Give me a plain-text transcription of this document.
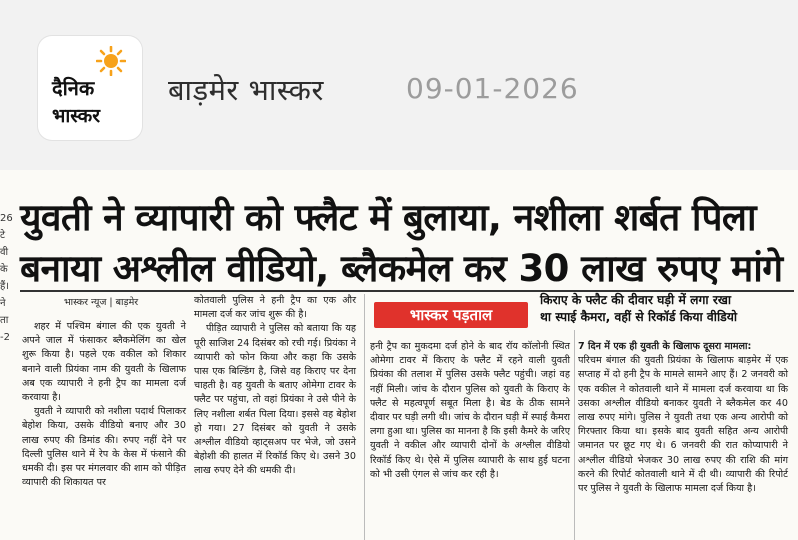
दैनिक
भास्कर
बाड़मेर भास्कर	09-01-2026
26
टे
वी
के
हैं।
ने
ता
-2
युवती ने व्यापारी को फ्लैट में बुलाया, नशीला शर्बत पिला
बनाया अश्लील वीडियो, ब्लैकमेल कर 30 लाख रुपए मांगे
भास्कर न्यूज | बाड़मेर

शहर में पश्चिम बंगाल की एक युवती ने अपने जाल में फंसाकर ब्लैकमेलिंग का खेल शुरू किया है। पहले एक वकील को शिकार बनाने वाली प्रियंका नाम की युवती के खिलाफ अब एक व्यापारी ने हनी ट्रैप का मामला दर्ज करवाया है।

युवती ने व्यापारी को नशीला पदार्थ पिलाकर बेहोश किया, उसके वीडियो बनाए और 30 लाख रुपए की डिमांड की। रुपए नहीं देने पर दिल्ली पुलिस थाने में रेप के केस में फंसाने की धमकी दी। इस पर मंगलवार की शाम को पीड़ित व्यापारी की शिकायत पर

कोतवाली पुलिस ने हनी ट्रैप का एक और मामला दर्ज कर जांच शुरू की है।

पीड़ित व्यापारी ने पुलिस को बताया कि यह पूरी साजिश 24 दिसंबर को रची गई। प्रियंका ने व्यापारी को फोन किया और कहा कि उसके पास एक बिल्डिंग है, जिसे वह किराए पर देना चाहती है। वह युवती के बताए ओमेगा टावर के फ्लैट पर पहुंचा, तो वहां प्रियंका ने उसे पीने के लिए नशीला शर्बत पिला दिया। इससे वह बेहोश हो गया। 27 दिसंबर को युवती ने उसके अश्लील वीडियो व्हाट्सअप पर भेजे, जो उसने बेहोशी की हालत में रिकॉर्ड किए थे। उसने 30 लाख रुपए देने की धमकी दी।

भास्कर पड़ताल
किराए के फ्लैट की दीवार घड़ी में लगा रखा
था स्पाई कैमरा, वहीं से रिकॉर्ड किया वीडियो

हनी ट्रैप का मुकदमा दर्ज होने के बाद रॉय कॉलोनी स्थित ओमेगा टावर में किराए के फ्लैट में रहने वाली युवती प्रियंका की तलाश में पुलिस उसके फ्लैट पहुंची। जहां वह नहीं मिली। जांच के दौरान पुलिस को युवती के किराए के फ्लैट से महत्वपूर्ण सबूत मिला है। बेड के ठीक सामने दीवार पर घड़ी लगी थी। जांच के दौरान घड़ी में स्पाई कैमरा लगा हुआ था। पुलिस का मानना है कि इसी कैमरे के जरिए युवती ने वकील और व्यापारी दोनों के अश्लील वीडियो रिकॉर्ड किए थे। ऐसे में पुलिस व्यापारी के साथ हुई घटना को भी उसी एंगल से जांच कर रही है।

7 दिन में एक ही युवती के खिलाफ दूसरा मामला:

परिचम बंगाल की युवती प्रियंका के खिलाफ बाड़मेर में एक सप्ताह में दो हनी ट्रैप के मामले सामने आए हैं। 2 जनवरी को एक वकील ने कोतवाली थाने में मामला दर्ज करवाया था कि उसका अश्लील वीडियो बनाकर युवती ने ब्लैकमेल कर 40 लाख रुपए मांगे। पुलिस ने युवती तथा एक अन्य आरोपी को गिरफ्तार किया था। इसके बाद युवती सहित अन्य आरोपी जमानत पर छूट गए थे। 6 जनवरी की रात कोप्यापारी ने अश्लील वीडियो भेजकर 30 लाख रुपए की राशि की मांग करने की रिपोर्ट कोतवाली थाने में दी थी। व्यापारी की रिपोर्ट पर पुलिस ने युवती के खिलाफ मामला दर्ज किया है।
